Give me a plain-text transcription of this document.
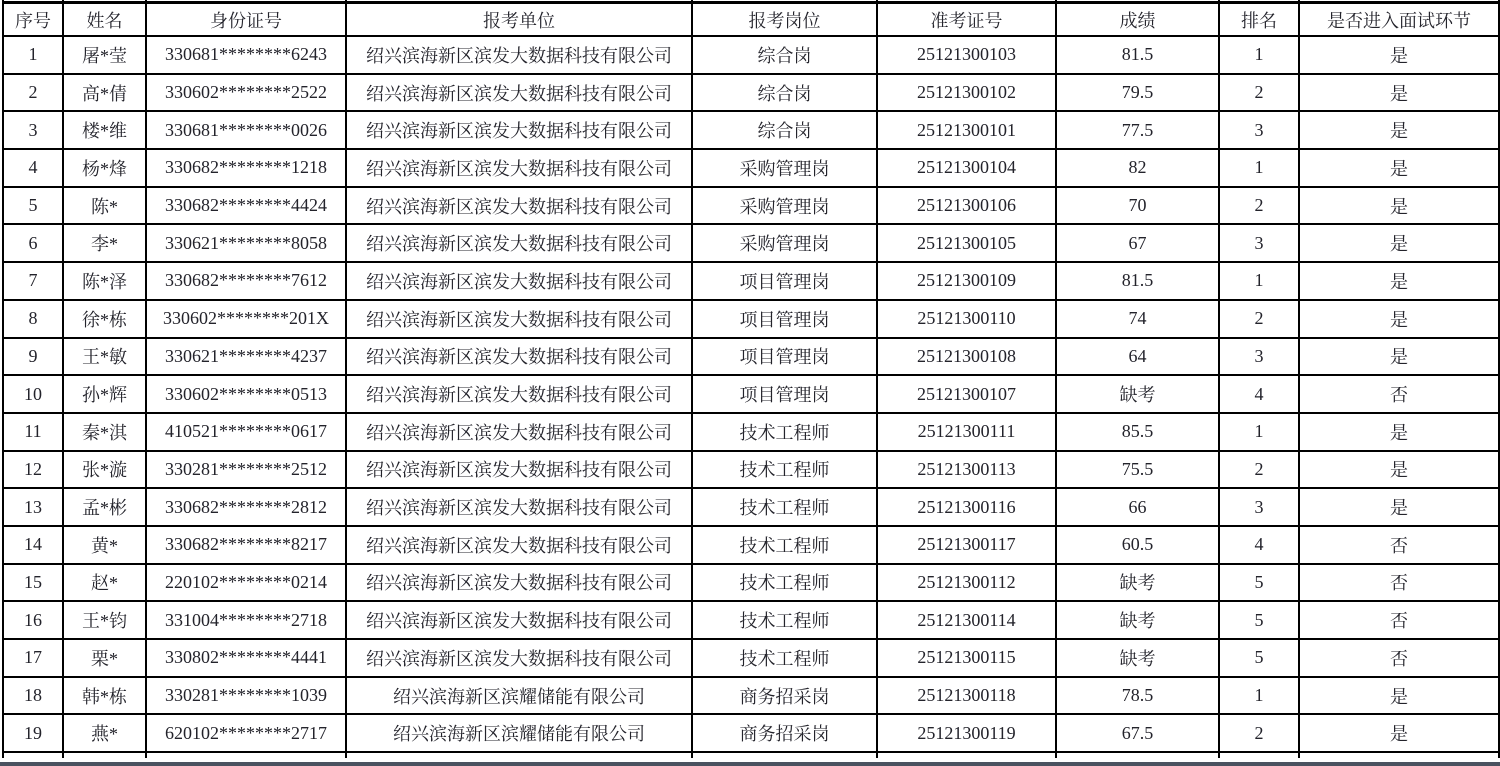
序号	姓名	身份证号	报考单位	报考岗位	准考证号	成绩	排名	是否进入面试环节
1	屠*莹	330681********6243	绍兴滨海新区滨发大数据科技有限公司	综合岗	25121300103	81.5	1	是
2	高*倩	330602********2522	绍兴滨海新区滨发大数据科技有限公司	综合岗	25121300102	79.5	2	是
3	楼*维	330681********0026	绍兴滨海新区滨发大数据科技有限公司	综合岗	25121300101	77.5	3	是
4	杨*烽	330682********1218	绍兴滨海新区滨发大数据科技有限公司	采购管理岗	25121300104	82	1	是
5	陈*	330682********4424	绍兴滨海新区滨发大数据科技有限公司	采购管理岗	25121300106	70	2	是
6	李*	330621********8058	绍兴滨海新区滨发大数据科技有限公司	采购管理岗	25121300105	67	3	是
7	陈*泽	330682********7612	绍兴滨海新区滨发大数据科技有限公司	项目管理岗	25121300109	81.5	1	是
8	徐*栋	330602********201X	绍兴滨海新区滨发大数据科技有限公司	项目管理岗	25121300110	74	2	是
9	王*敏	330621********4237	绍兴滨海新区滨发大数据科技有限公司	项目管理岗	25121300108	64	3	是
10	孙*辉	330602********0513	绍兴滨海新区滨发大数据科技有限公司	项目管理岗	25121300107	缺考	4	否
11	秦*淇	410521********0617	绍兴滨海新区滨发大数据科技有限公司	技术工程师	25121300111	85.5	1	是
12	张*漩	330281********2512	绍兴滨海新区滨发大数据科技有限公司	技术工程师	25121300113	75.5	2	是
13	孟*彬	330682********2812	绍兴滨海新区滨发大数据科技有限公司	技术工程师	25121300116	66	3	是
14	黄*	330682********8217	绍兴滨海新区滨发大数据科技有限公司	技术工程师	25121300117	60.5	4	否
15	赵*	220102********0214	绍兴滨海新区滨发大数据科技有限公司	技术工程师	25121300112	缺考	5	否
16	王*钧	331004********2718	绍兴滨海新区滨发大数据科技有限公司	技术工程师	25121300114	缺考	5	否
17	栗*	330802********4441	绍兴滨海新区滨发大数据科技有限公司	技术工程师	25121300115	缺考	5	否
18	韩*栋	330281********1039	绍兴滨海新区滨耀储能有限公司	商务招采岗	25121300118	78.5	1	是
19	燕*	620102********2717	绍兴滨海新区滨耀储能有限公司	商务招采岗	25121300119	67.5	2	是
